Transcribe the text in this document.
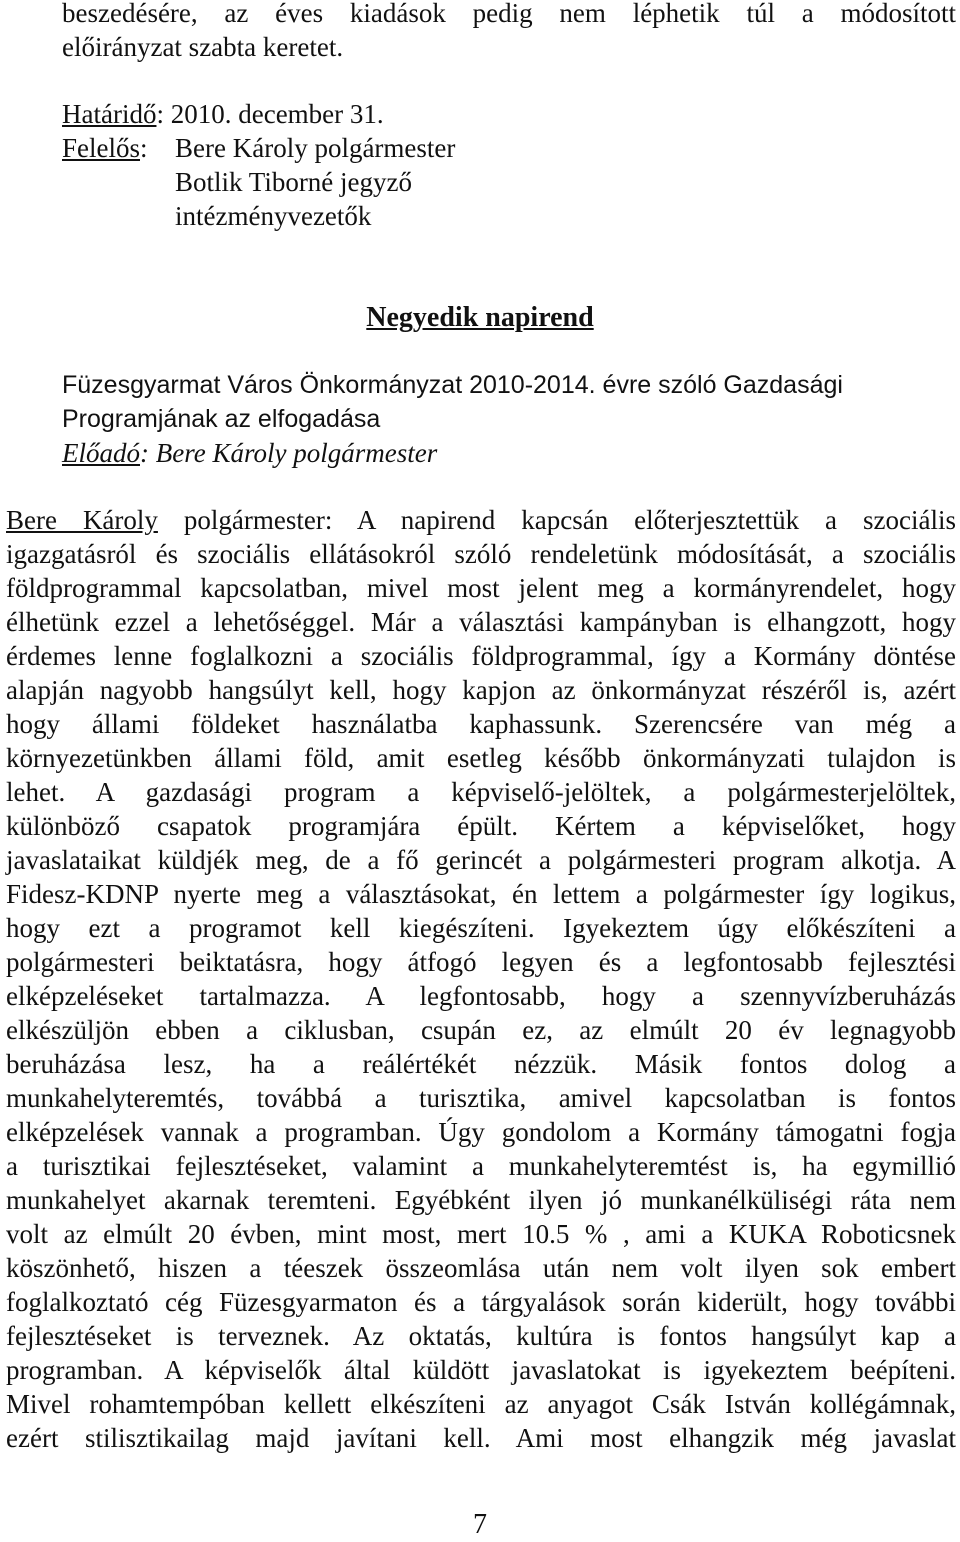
beszedésére, az éves kiadások pedig nem léphetik túl a módosított
előirányzat szabta keretet.
Határidő: 2010. december 31.
Felelős: Bere Károly polgármester
Botlik Tiborné jegyző
intézményvezetők
Negyedik napirend
Füzesgyarmat Város Önkormányzat 2010-2014. évre szóló Gazdasági
Programjának az elfogadása
Előadó: Bere Károly polgármester
Bere Károly polgármester: A napirend kapcsán előterjesztettük a szociális
igazgatásról és szociális ellátásokról szóló rendeletünk módosítását, a szociális
földprogrammal kapcsolatban, mivel most jelent meg a kormányrendelet, hogy
élhetünk ezzel a lehetőséggel. Már a választási kampányban is elhangzott, hogy
érdemes lenne foglalkozni a szociális földprogrammal, így a Kormány döntése
alapján nagyobb hangsúlyt kell, hogy kapjon az önkormányzat részéről is, azért
hogy állami földeket használatba kaphassunk. Szerencsére van még a
környezetünkben állami föld, amit esetleg később önkormányzati tulajdon is
lehet. A gazdasági program a képviselő-jelöltek, a polgármesterjelöltek,
különböző csapatok programjára épült. Kértem a képviselőket, hogy
javaslataikat küldjék meg, de a fő gerincét a polgármesteri program alkotja. A
Fidesz-KDNP nyerte meg a választásokat, én lettem a polgármester így logikus,
hogy ezt a programot kell kiegészíteni. Igyekeztem úgy előkészíteni a
polgármesteri beiktatásra, hogy átfogó legyen és a legfontosabb fejlesztési
elképzeléseket tartalmazza. A legfontosabb, hogy a szennyvízberuházás
elkészüljön ebben a ciklusban, csupán ez, az elmúlt 20 év legnagyobb
beruházása lesz, ha a reálértékét nézzük. Másik fontos dolog a
munkahelyteremtés, továbbá a turisztika, amivel kapcsolatban is fontos
elképzelések vannak a programban. Úgy gondolom a Kormány támogatni fogja
a turisztikai fejlesztéseket, valamint a munkahelyteremtést is, ha egymillió
munkahelyet akarnak teremteni. Egyébként ilyen jó munkanélküliségi ráta nem
volt az elmúlt 20 évben, mint most, mert 10.5 % , ami a KUKA Roboticsnek
köszönhető, hiszen a téeszek összeomlása után nem volt ilyen sok embert
foglalkoztató cég Füzesgyarmaton és a tárgyalások során kiderült, hogy további
fejlesztéseket is terveznek. Az oktatás, kultúra is fontos hangsúlyt kap a
programban. A képviselők által küldött javaslatokat is igyekeztem beépíteni.
Mivel rohamtempóban kellett elkészíteni az anyagot Csák István kollégámnak,
ezért stilisztikailag majd javítani kell. Ami most elhangzik még javaslat
7
